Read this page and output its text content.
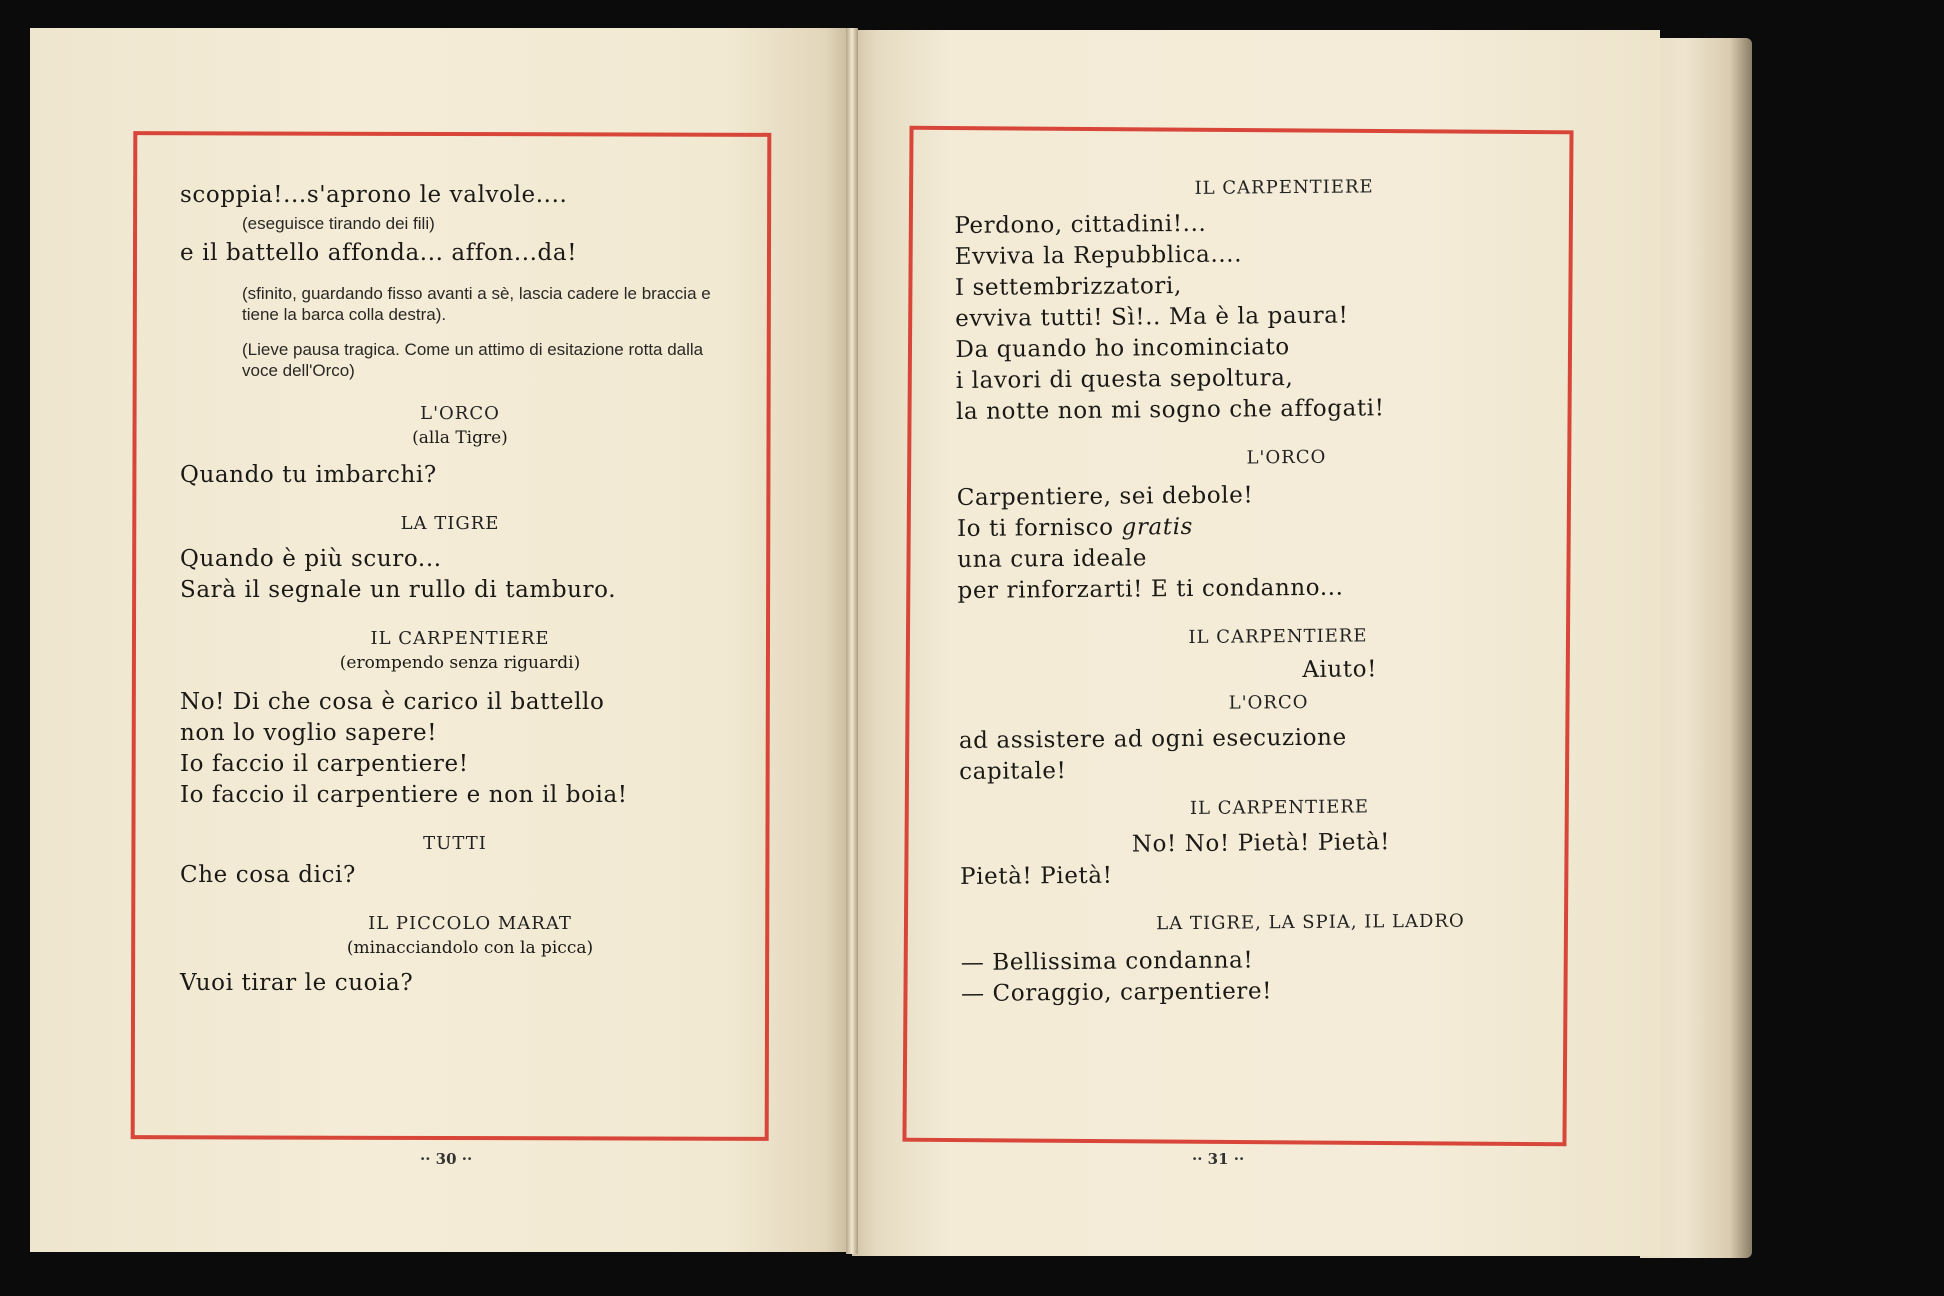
scoppia!...s'aprono le valvole....
(eseguisce tirando dei fili)
e il battello affonda... affon...da!
(sfinito, guardando fisso avanti a sè, lascia cadere le braccia e tiene la barca colla destra).
(Lieve pausa tragica. Come un attimo di esitazione rotta dalla voce dell'Orco)
L'ORCO
(alla Tigre)
Quando tu imbarchi?
LA TIGRE
Quando è più scuro...
Sarà il segnale un rullo di tamburo.
IL CARPENTIERE
(erompendo senza riguardi)
No! Di che cosa è carico il battello
non lo voglio sapere!
Io faccio il carpentiere!
Io faccio il carpentiere e non il boia!
TUTTI
Che cosa dici?
IL PICCOLO MARAT
(minacciandolo con la picca)
Vuoi tirar le cuoia?
·· 30 ··
IL CARPENTIERE
Perdono, cittadini!...
Evviva la Repubblica....
I settembrizzatori,
evviva tutti! Sì!.. Ma è la paura!
Da quando ho incominciato
i lavori di questa sepoltura,
la notte non mi sogno che affogati!
L'ORCO
Carpentiere, sei debole!
Io ti fornisco gratis
una cura ideale
per rinforzarti! E ti condanno...
IL CARPENTIERE
Aiuto!
L'ORCO
ad assistere ad ogni esecuzione
capitale!
IL CARPENTIERE
No! No! Pietà! Pietà!
Pietà! Pietà!
LA TIGRE, LA SPIA, IL LADRO
— Bellissima condanna!
— Coraggio, carpentiere!
·· 31 ··
